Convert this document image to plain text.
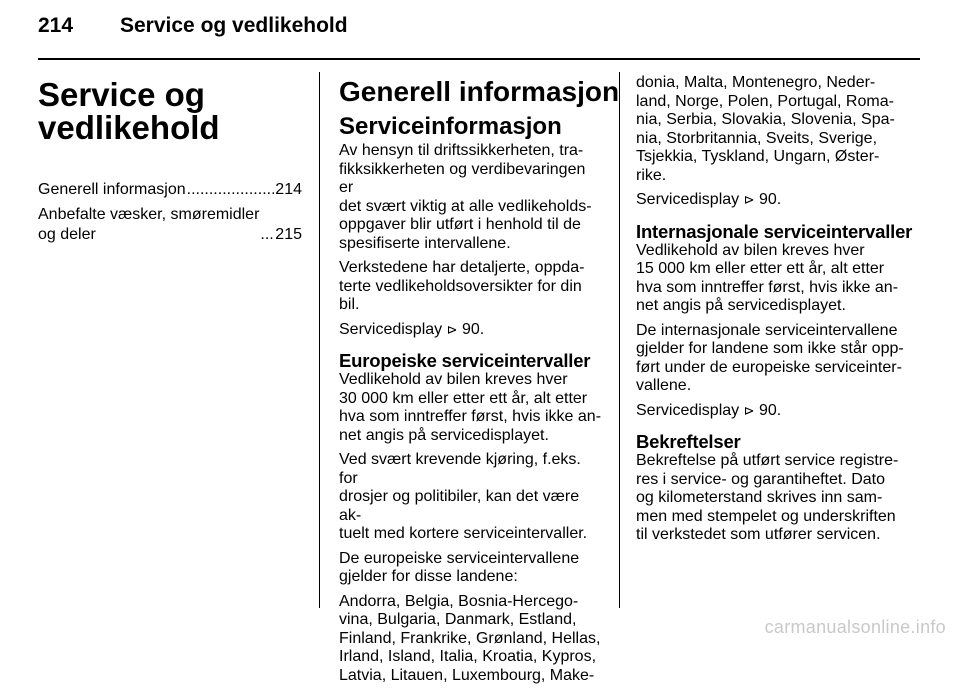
214 Service og vedlikehold
Service og
vedlikehold
Generell informasjon .....	214
Anbefalte væsker, smøremidler
og deler .....	215
Generell informasjon
Serviceinformasjon

Av hensyn til driftssikkerheten, tra-
fikksikkerheten og verdibevaringen er
det svært viktig at alle vedlikeholds-
oppgaver blir utført i henhold til de
spesifiserte intervallene.

Verkstedene har detaljerte, oppda-
terte vedlikeholdsoversikter for din bil.

Servicedisplay ⊳ 90.

Europeiske serviceintervaller

Vedlikehold av bilen kreves hver
30 000 km eller etter ett år, alt etter
hva som inntreffer først, hvis ikke an-
net angis på servicedisplayet.

Ved svært krevende kjøring, f.eks. for
drosjer og politibiler, kan det være ak-
tuelt med kortere serviceintervaller.

De europeiske serviceintervallene
gjelder for disse landene:

Andorra, Belgia, Bosnia-Hercego-
vina, Bulgaria, Danmark, Estland,
Finland, Frankrike, Grønland, Hellas,
Irland, Island, Italia, Kroatia, Kypros,
Latvia, Litauen, Luxembourg, Make-

donia, Malta, Montenegro, Neder-
land, Norge, Polen, Portugal, Roma-
nia, Serbia, Slovakia, Slovenia, Spa-
nia, Storbritannia, Sveits, Sverige,
Tsjekkia, Tyskland, Ungarn, Øster-
rike.

Servicedisplay ⊳ 90.

Internasjonale serviceintervaller

Vedlikehold av bilen kreves hver
15 000 km eller etter ett år, alt etter
hva som inntreffer først, hvis ikke an-
net angis på servicedisplayet.

De internasjonale serviceintervallene
gjelder for landene som ikke står opp-
ført under de europeiske serviceinter-
vallene.

Servicedisplay ⊳ 90.

Bekreftelser

Bekreftelse på utført service registre-
res i service- og garantiheftet. Dato
og kilometerstand skrives inn sam-
men med stempelet og underskriften
til verkstedet som utfører servicen.

carmanualsonline.info
